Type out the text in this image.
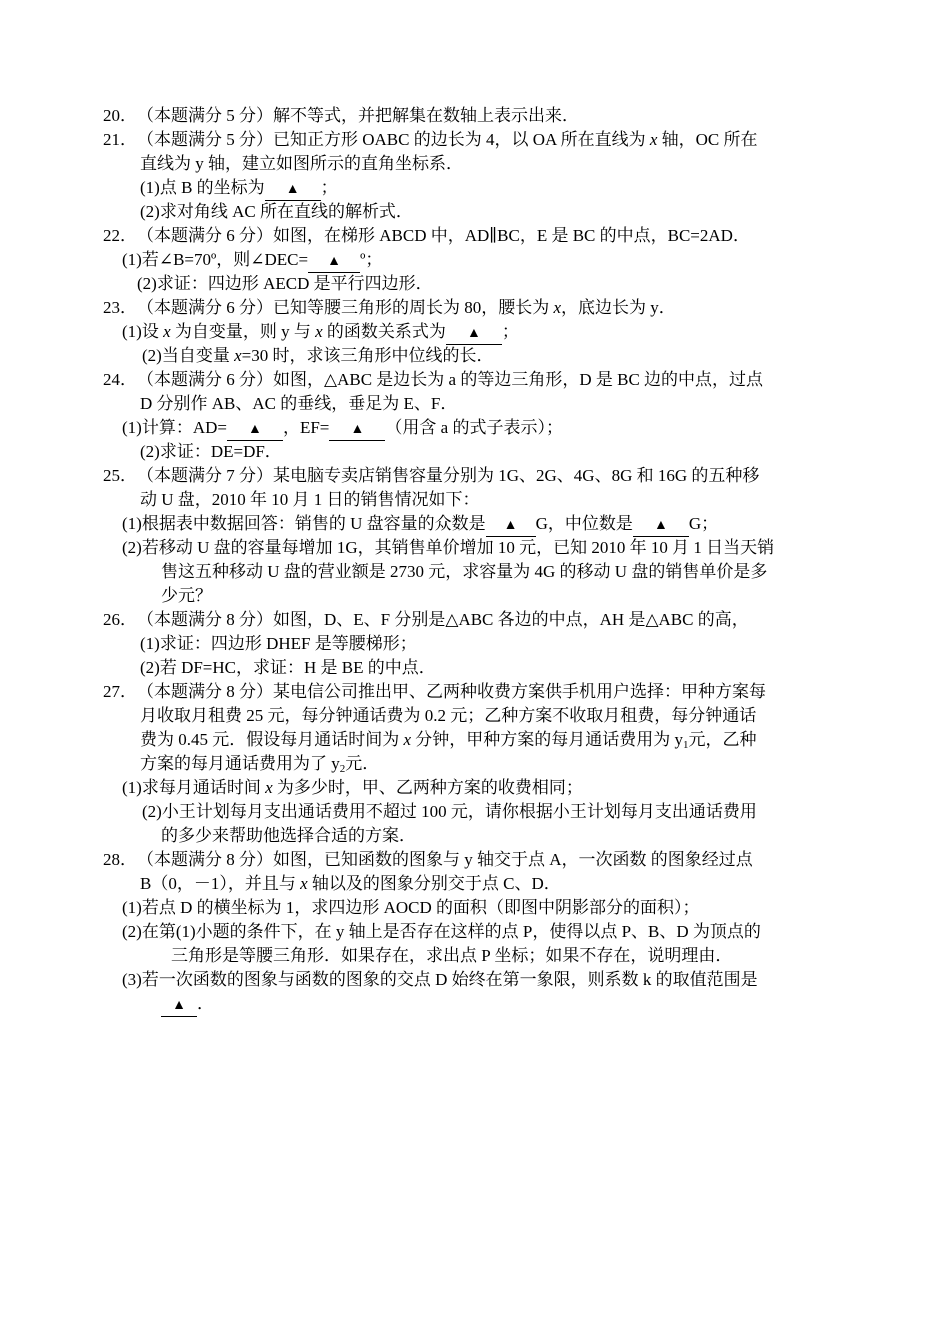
20．（本题满分 5 分）解不等式，并把解集在数轴上表示出来．
21．（本题满分 5 分）已知正方形 OABC 的边长为 4，以 OA 所在直线为 x 轴，OC 所在
直线为 y 轴，建立如图所示的直角坐标系．
(1)点 B 的坐标为 ▲ ；
(2)求对角线 AC 所在直线的解析式．
22．（本题满分 6 分）如图，在梯形 ABCD 中，AD∥BC，E 是 BC 的中点，BC=2AD．
(1)若∠B=70º，则∠DEC= ▲ º；
(2)求证：四边形 AECD 是平行四边形．
23．（本题满分 6 分）已知等腰三角形的周长为 80，腰长为 x，底边长为 y．
(1)设 x 为自变量，则 y 与 x 的函数关系式为 ▲ ；
(2)当自变量 x=30 时，求该三角形中位线的长．
24．（本题满分 6 分）如图，△ABC 是边长为 a 的等边三角形，D 是 BC 边的中点，过点
D 分别作 AB、AC 的垂线，垂足为 E、F．
(1)计算：AD= ▲ ，EF= ▲ （用含 a 的式子表示）；
(2)求证：DE=DF．
25．（本题满分 7 分）某电脑专卖店销售容量分别为 1G、2G、4G、8G 和 16G 的五种移
动 U 盘，2010 年 10 月 1 日的销售情况如下：
(1)根据表中数据回答：销售的 U 盘容量的众数是 ▲ G，中位数是 ▲ G；
(2)若移动 U 盘的容量每增加 1G，其销售单价增加 10 元，已知 2010 年 10 月 1 日当天销
售这五种移动 U 盘的营业额是 2730 元，求容量为 4G 的移动 U 盘的销售单价是多
少元？
26．（本题满分 8 分）如图，D、E、F 分别是△ABC 各边的中点，AH 是△ABC 的高，
(1)求证：四边形 DHEF 是等腰梯形；
(2)若 DF=HC，求证：H 是 BE 的中点．
27．（本题满分 8 分）某电信公司推出甲、乙两种收费方案供手机用户选择：甲种方案每
月收取月租费 25 元，每分钟通话费为 0.2 元；乙种方案不收取月租费，每分钟通话
费为 0.45 元．假设每月通话时间为 x 分钟，甲种方案的每月通话费用为 $y_1$元，乙种
方案的每月通话费用为了 $y_2$元．
(1)求每月通话时间 x 为多少时，甲、乙两种方案的收费相同；
(2)小王计划每月支出通话费用不超过 100 元，请你根据小王计划每月支出通话费用
的多少来帮助他选择合适的方案．
28．（本题满分 8 分）如图，已知函数的图象与 y 轴交于点 A，一次函数 的图象经过点
B（0，－1），并且与 x 轴以及的图象分别交于点 C、D．
(1)若点 D 的横坐标为 1，求四边形 AOCD 的面积（即图中阴影部分的面积）；
(2)在第(1)小题的条件下，在 y 轴上是否存在这样的点 P，使得以点 P、B、D 为顶点的
三角形是等腰三角形．如果存在，求出点 P 坐标；如果不存在，说明理由．
(3)若一次函数的图象与函数的图象的交点 D 始终在第一象限，则系数 k 的取值范围是
▲ ．
